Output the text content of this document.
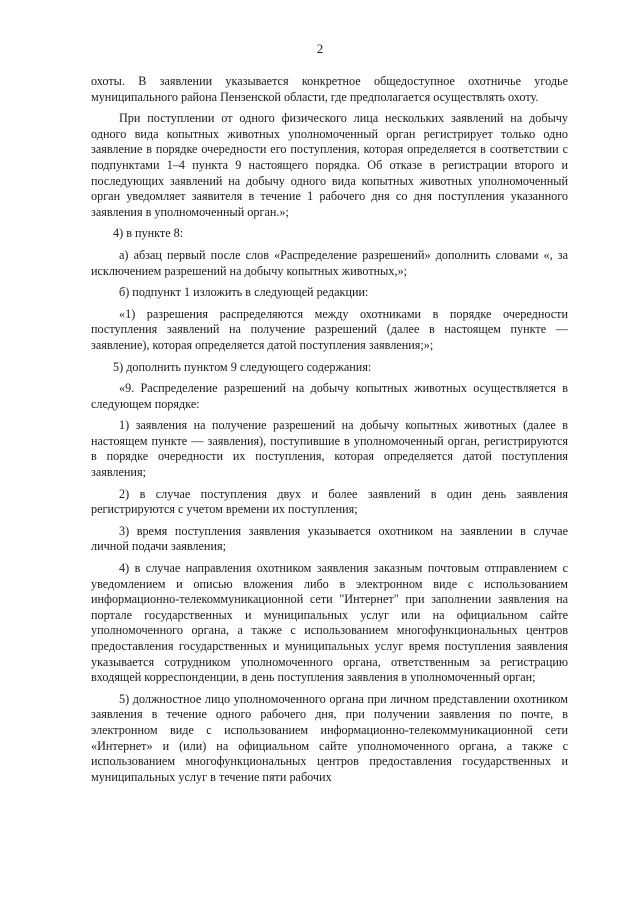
2

охоты. В заявлении указывается конкретное общедоступное охотничье угодье муниципального района Пензенской области, где предполагается осуществлять охоту.

При поступлении от одного физического лица нескольких заявлений на добычу одного вида копытных животных уполномоченный орган регистрирует только одно заявление в порядке очередности его поступления, которая определяется в соответствии с подпунктами 1–4 пункта 9 настоящего порядка. Об отказе в регистрации второго и последующих заявлений на добычу одного вида копытных животных уполномоченный орган уведомляет заявителя в течение 1 рабочего дня со дня поступления указанного заявления в уполномоченный орган.»;

4) в пункте 8:

а) абзац первый после слов «Распределение разрешений» дополнить словами «, за исключением разрешений на добычу копытных животных,»;

б) подпункт 1 изложить в следующей редакции:

«1) разрешения распределяются между охотниками в порядке очередности поступления заявлений на получение разрешений (далее в настоящем пункте — заявление), которая определяется датой поступления заявления;»;

5) дополнить пунктом 9 следующего содержания:

«9. Распределение разрешений на добычу копытных животных осуществляется в следующем порядке:

1) заявления на получение разрешений на добычу копытных животных (далее в настоящем пункте — заявления), поступившие в уполномоченный орган, регистрируются в порядке очередности их поступления, которая определяется датой поступления заявления;

2) в случае поступления двух и более заявлений в один день заявления регистрируются с учетом времени их поступления;

3) время поступления заявления указывается охотником на заявлении в случае личной подачи заявления;

4) в случае направления охотником заявления заказным почтовым отправлением с уведомлением и описью вложения либо в электронном виде с использованием информационно-телекоммуникационной сети "Интернет" при заполнении заявления на портале государственных и муниципальных услуг или на официальном сайте уполномоченного органа, а также с использованием многофункциональных центров предоставления государственных и муниципальных услуг время поступления заявления указывается сотрудником уполномоченного органа, ответственным за регистрацию входящей корреспонденции, в день поступления заявления в уполномоченный орган;

5) должностное лицо уполномоченного органа при личном представлении охотником заявления в течение одного рабочего дня, при получении заявления по почте, в электронном виде с использованием информационно-телекоммуникационной сети «Интернет» и (или) на официальном сайте уполномоченного органа, а также с использованием многофункциональных центров предоставления государственных и муниципальных услуг в течение пяти рабочих
